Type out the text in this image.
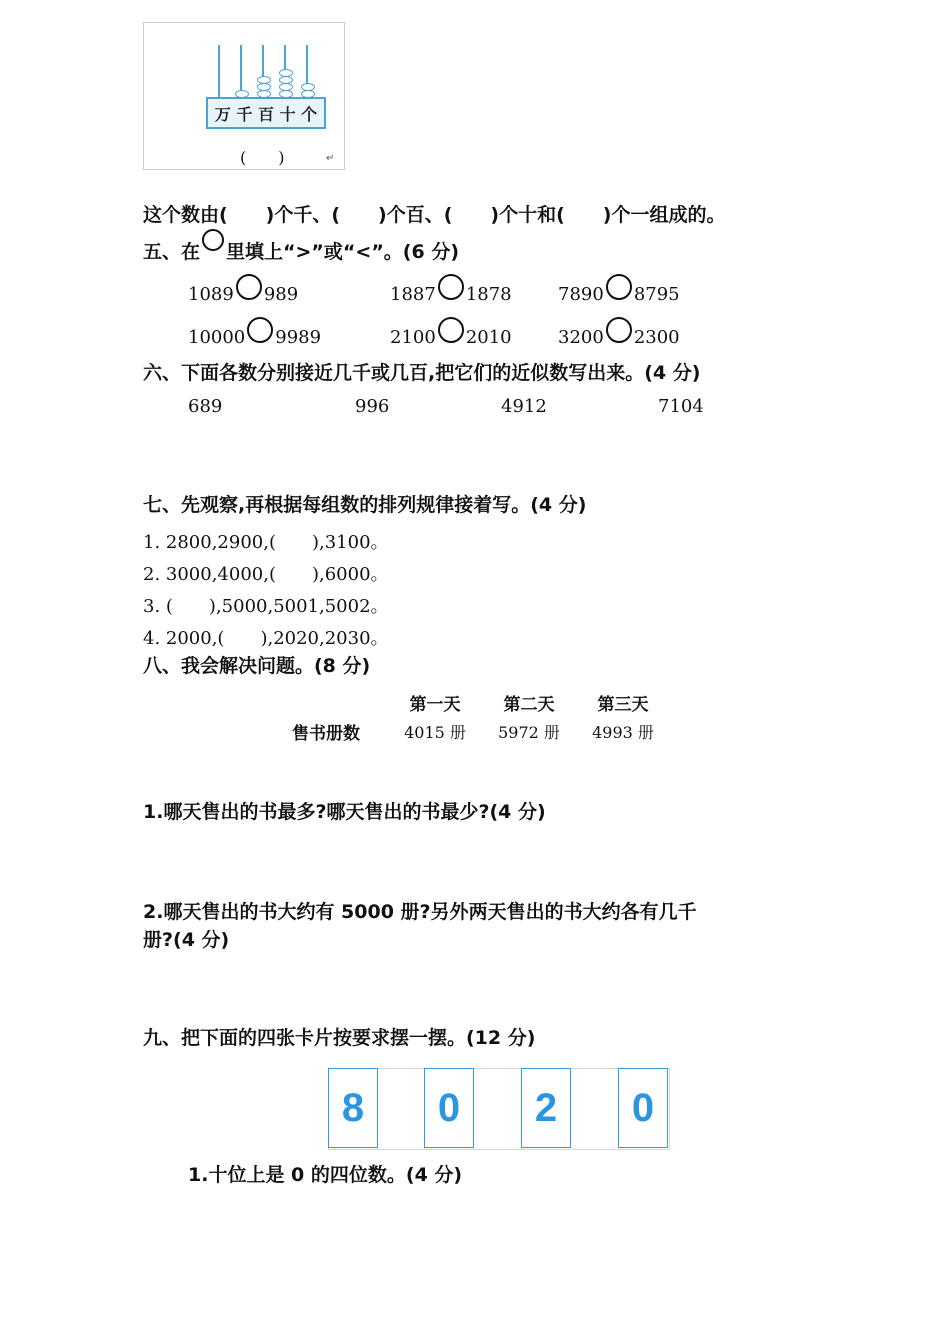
万 千 百 十 个
(　　)	↵
这个数由(　　)个千、(　　)个百、(　　)个十和(　　)个一组成的。
五、在 里填上“>”或“<”。(6 分)
1089 989	1887 1878	7890 8795
10000 9989	2100 2010	3200 2300
六、下面各数分别接近几千或几百,把它们的近似数写出来。(4 分)
689	996	4912	7104
七、先观察,再根据每组数的排列规律接着写。(4 分)
1. 2800,2900,(　　),3100。
2. 3000,4000,(　　),6000。
3. (　　),5000,5001,5002。
4. 2000,(　　),2020,2030。
八、我会解决问题。(8 分)
	第一天	第二天	第三天
售书册数	4015 册	5972 册	4993 册
1.哪天售出的书最多?哪天售出的书最少?(4 分)
2.哪天售出的书大约有 5000 册?另外两天售出的书大约各有几千
册?(4 分)
九、把下面的四张卡片按要求摆一摆。(12 分)
8 0 2 0
1.十位上是 0 的四位数。(4 分)
